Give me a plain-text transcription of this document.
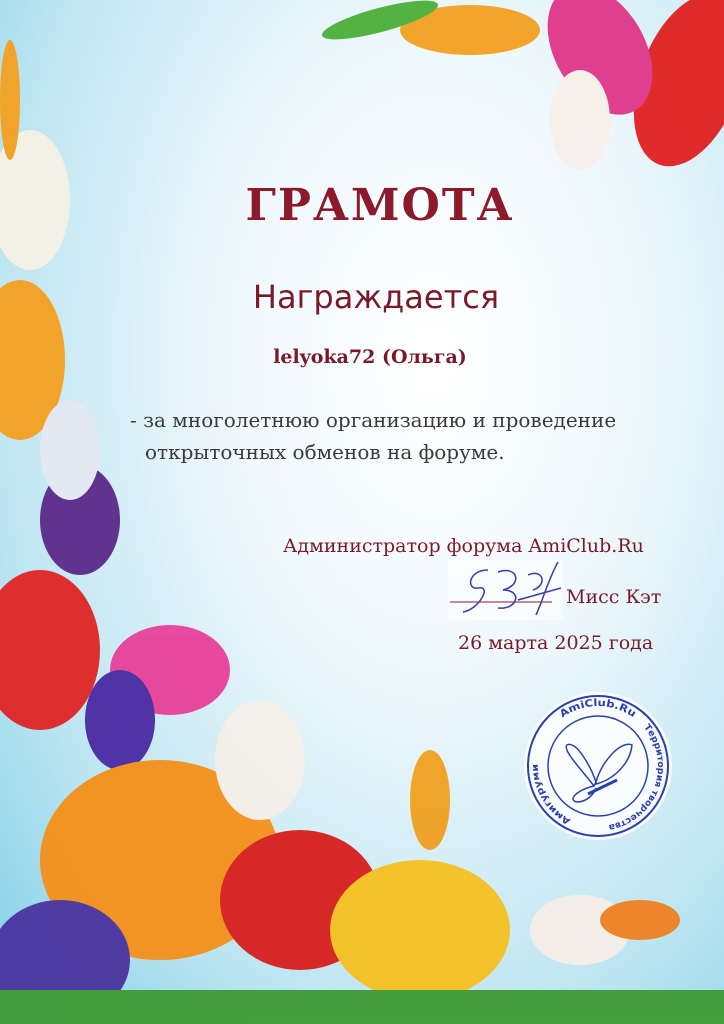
ГРАМОТА
Награждается
lelyoka72 (Ольга)
- за многолетнюю организацию и проведение
открыточных обменов на форуме.
Администратор форума AmiClub.Ru
Мисс Кэт
26 марта 2025 года
Амигуруми
AmiClub.Ru
Территория творчества
